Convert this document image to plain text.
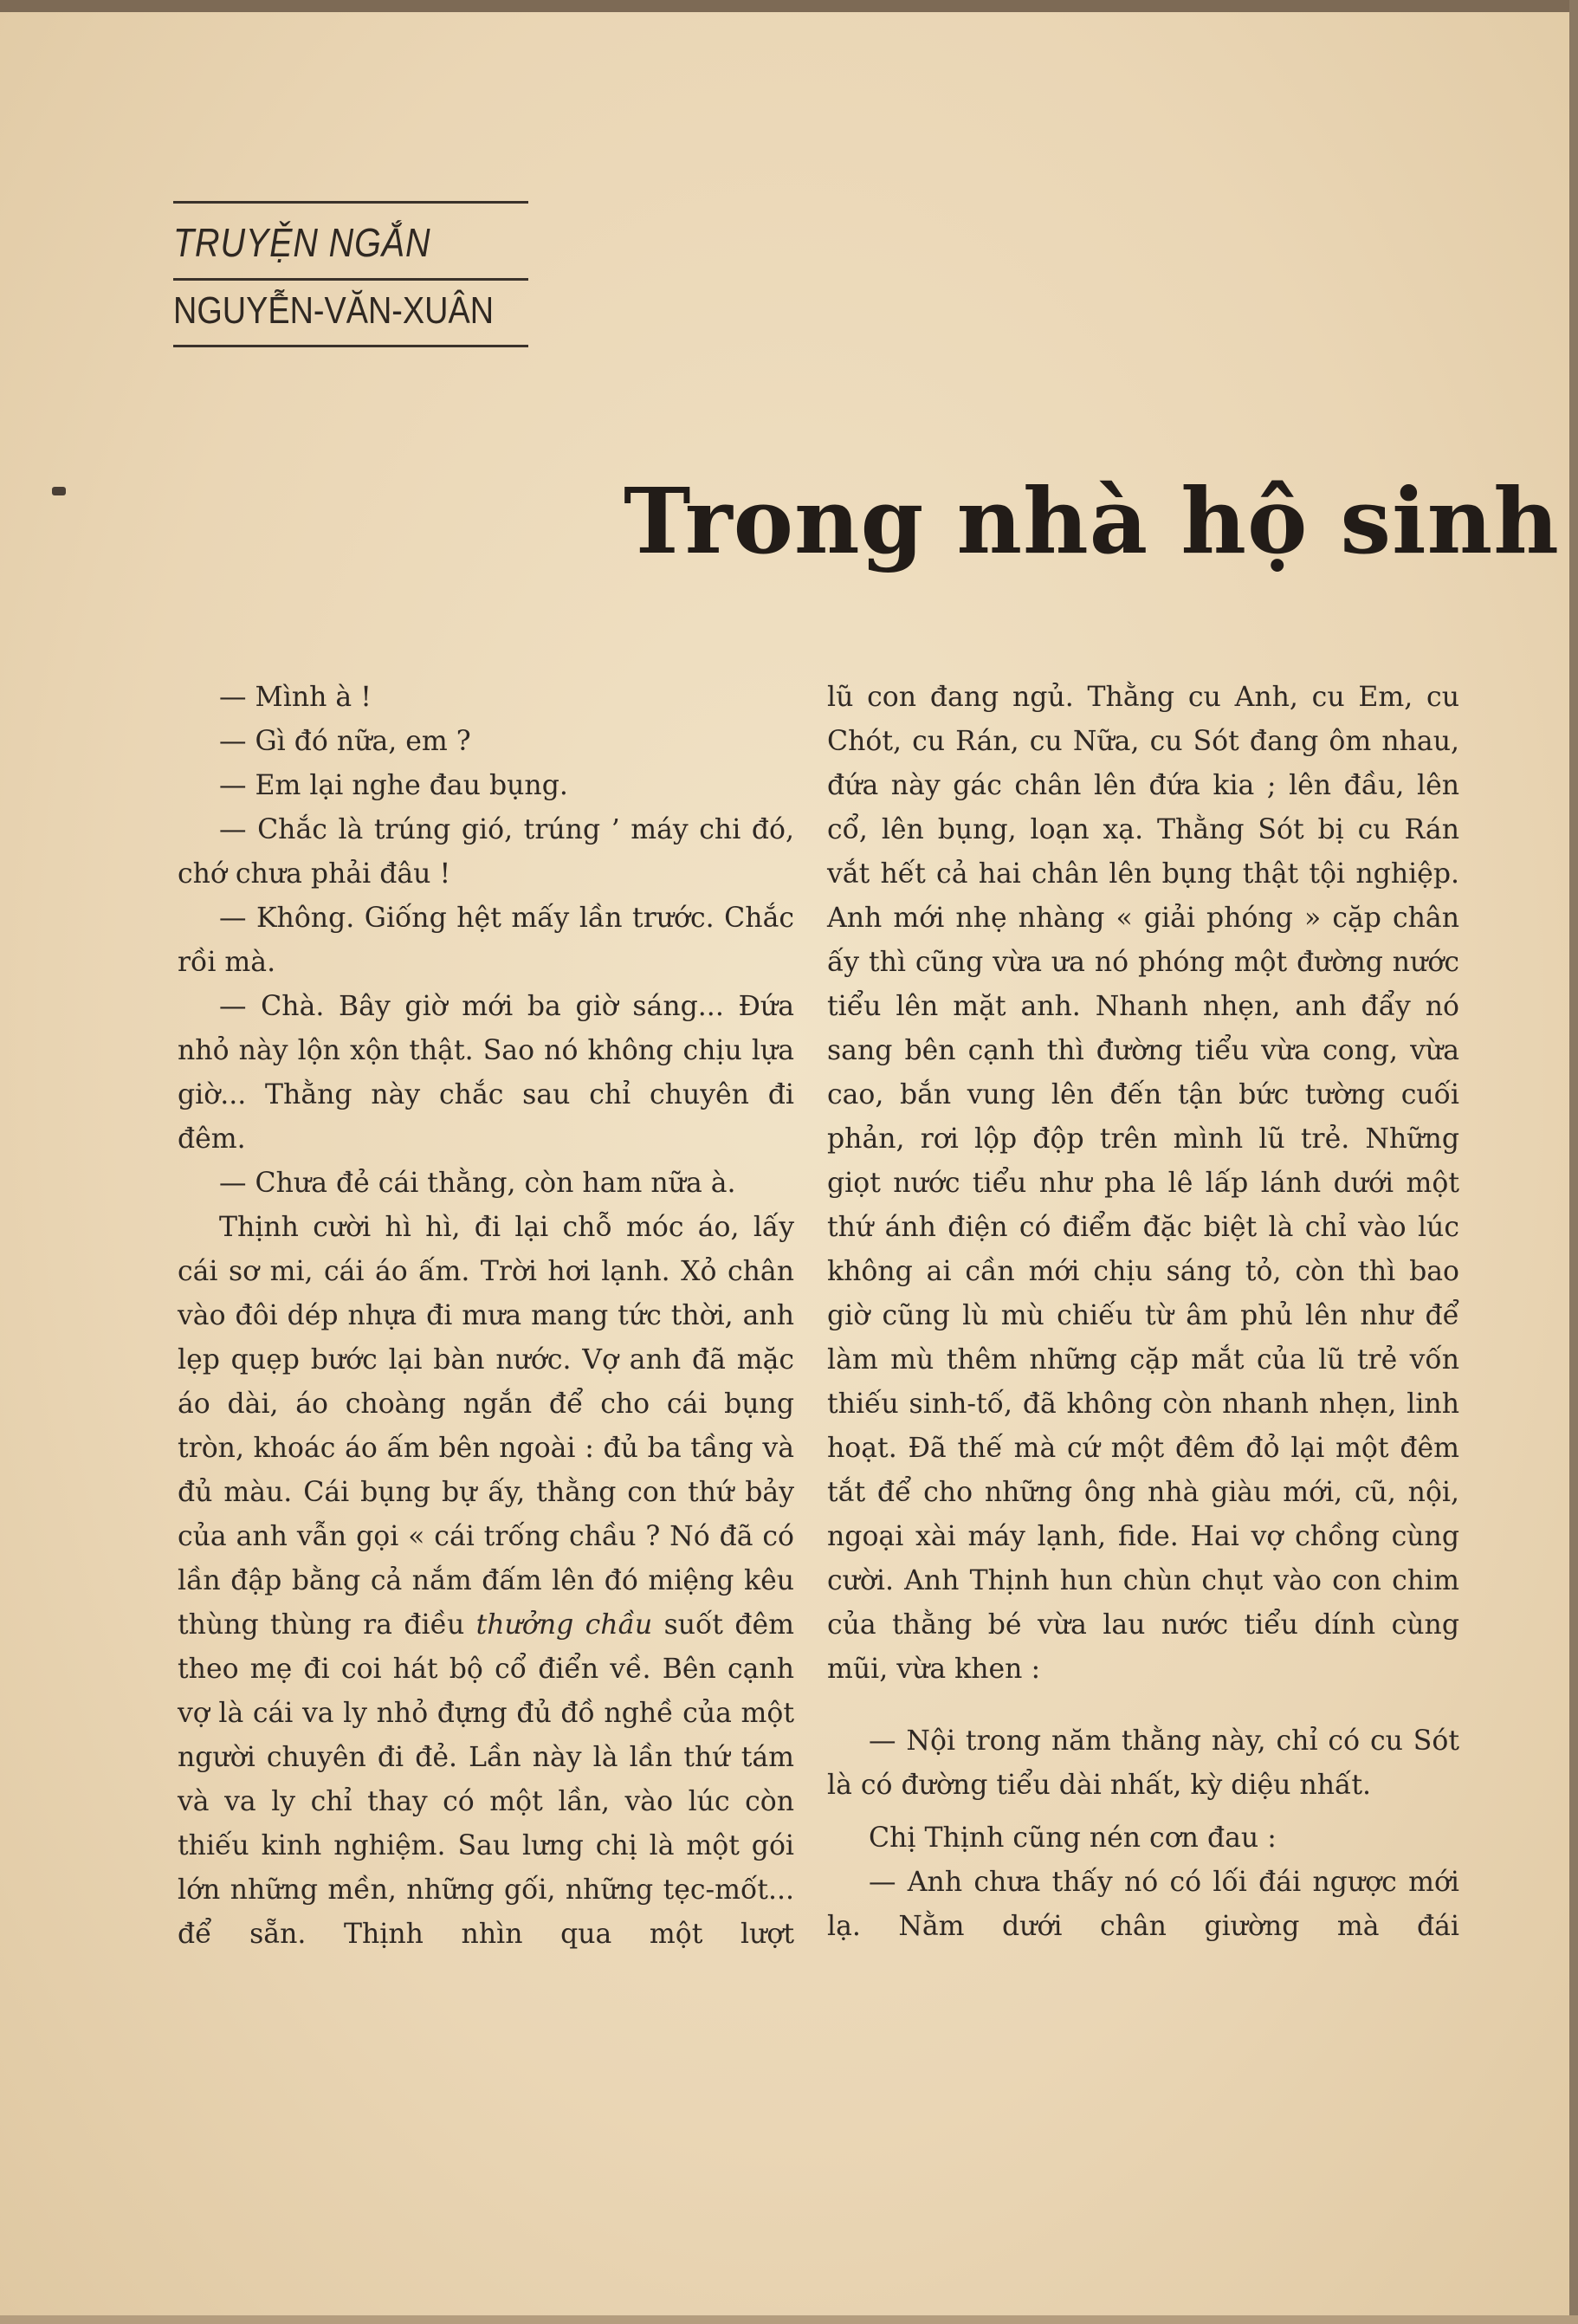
TRUYỆN NGẮN
NGUYỄN-VĂN-XUÂN
Trong nhà hộ sinh

— Mình à !

— Gì đó nữa, em ?

— Em lại nghe đau bụng.

— Chắc là trúng gió, trúng ’ máy chi đó, chớ chưa phải đâu !

— Không. Giống hệt mấy lần trước. Chắc rồi mà.

— Chà. Bây giờ mới ba giờ sáng... Đứa nhỏ này lộn xộn thật. Sao nó không chịu lựa giờ... Thằng này chắc sau chỉ chuyên đi đêm.

— Chưa đẻ cái thằng, còn ham nữa à.

Thịnh cười hì hì, đi lại chỗ móc áo, lấy cái sơ mi, cái áo ấm. Trời hơi lạnh. Xỏ chân vào đôi dép nhựa đi mưa mang tức thời, anh lẹp quẹp bước lại bàn nước. Vợ anh đã mặc áo dài, áo choàng ngắn để cho cái bụng tròn, khoác áo ấm bên ngoài : đủ ba tầng và đủ màu. Cái bụng bự ấy, thằng con thứ bảy của anh vẫn gọi « cái trống chầu ? Nó đã có lần đập bằng cả nắm đấm lên đó miệng kêu thùng thùng ra điều thưởng chầu suốt đêm theo mẹ đi coi hát bộ cổ điển về. Bên cạnh vợ là cái va ly nhỏ đựng đủ đồ nghề của một người chuyên đi đẻ. Lần này là lần thứ tám và va ly chỉ thay có một lần, vào lúc còn thiếu kinh nghiệm. Sau lưng chị là một gói lớn những mền, những gối, những tẹc-mốt... để sẵn. Thịnh nhìn qua một lượt

lũ con đang ngủ. Thằng cu Anh, cu Em, cu Chót, cu Rán, cu Nữa, cu Sót đang ôm nhau, đứa này gác chân lên đứa kia ; lên đầu, lên cổ, lên bụng, loạn xạ. Thằng Sót bị cu Rán vắt hết cả hai chân lên bụng thật tội nghiệp. Anh mới nhẹ nhàng « giải phóng » cặp chân ấy thì cũng vừa ưa nó phóng một đường nước tiểu lên mặt anh. Nhanh nhẹn, anh đẩy nó sang bên cạnh thì đường tiểu vừa cong, vừa cao, bắn vung lên đến tận bức tường cuối phản, rơi lộp độp trên mình lũ trẻ. Những giọt nước tiểu như pha lê lấp lánh dưới một thứ ánh điện có điểm đặc biệt là chỉ vào lúc không ai cần mới chịu sáng tỏ, còn thì bao giờ cũng lù mù chiếu từ âm phủ lên như để làm mù thêm những cặp mắt của lũ trẻ vốn thiếu sinh-tố, đã không còn nhanh nhẹn, linh hoạt. Đã thế mà cứ một đêm đỏ lại một đêm tắt để cho những ông nhà giàu mới, cũ, nội, ngoại xài máy lạnh, fide. Hai vợ chồng cùng cười. Anh Thịnh hun chùn chụt vào con chim của thằng bé vừa lau nước tiểu dính cùng mũi, vừa khen :

— Nội trong năm thằng này, chỉ có cu Sót là có đường tiểu dài nhất, kỳ diệu nhất.

Chị Thịnh cũng nén cơn đau :

— Anh chưa thấy nó có lối đái ngược mới lạ. Nằm dưới chân giường mà đái
